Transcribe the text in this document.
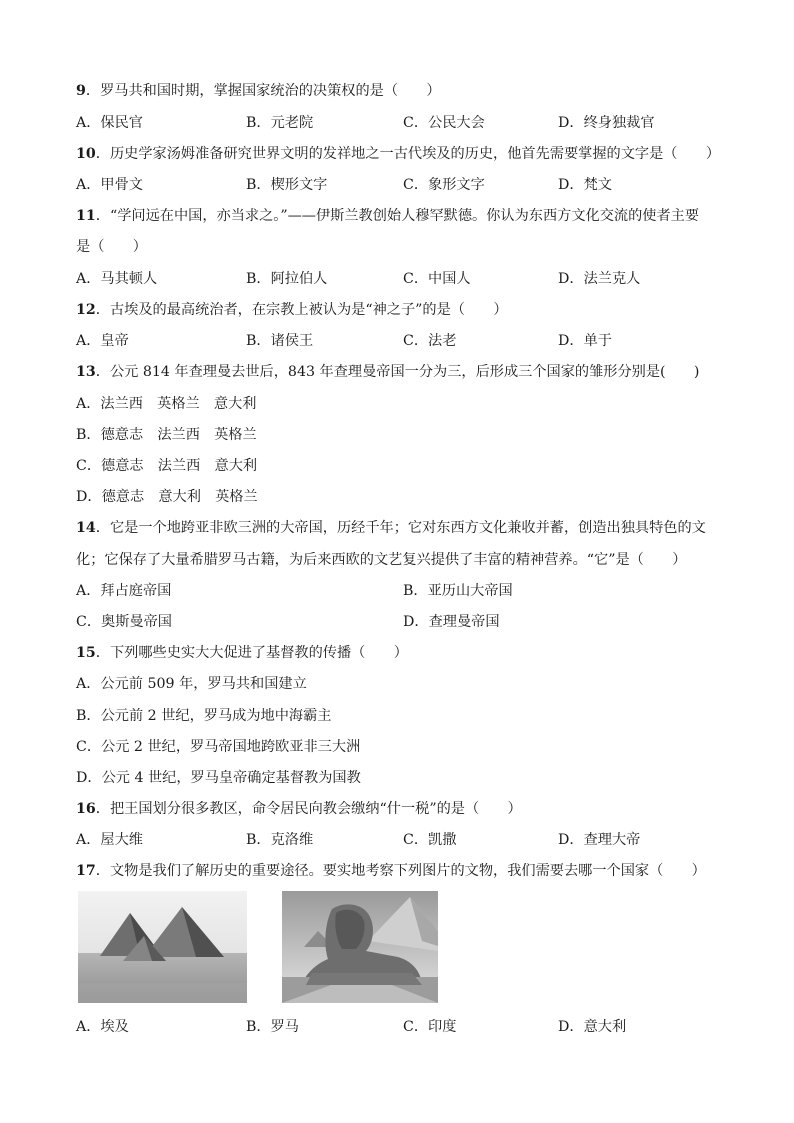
9．罗马共和国时期，掌握国家统治的决策权的是（　　）
A．保民官	B．元老院	C．公民大会	D．终身独裁官
10．历史学家汤姆准备研究世界文明的发祥地之一古代埃及的历史，他首先需要掌握的文字是（　　）
A．甲骨文	B．楔形文字	C．象形文字	D．梵文
11．“学问远在中国，亦当求之。”——伊斯兰教创始人穆罕默德。你认为东西方文化交流的使者主要
是（　　）
A．马其顿人	B．阿拉伯人	C．中国人	D．法兰克人
12．古埃及的最高统治者，在宗教上被认为是“神之子”的是（　　）
A．皇帝	B．诸侯王	C．法老	D．单于
13．公元 814 年查理曼去世后，843 年查理曼帝国一分为三，后形成三个国家的雏形分别是(　　)
A．法兰西　英格兰　意大利
B．德意志　法兰西　英格兰
C．德意志　法兰西　意大利
D．德意志　意大利　英格兰
14．它是一个地跨亚非欧三洲的大帝国，历经千年；它对东西方文化兼收并蓄，创造出独具特色的文
化；它保存了大量希腊罗马古籍，为后来西欧的文艺复兴提供了丰富的精神营养。“它”是（　　）
A．拜占庭帝国	B．亚历山大帝国
C．奥斯曼帝国	D．查理曼帝国
15．下列哪些史实大大促进了基督教的传播（　　）
A．公元前 509 年，罗马共和国建立
B．公元前 2 世纪，罗马成为地中海霸主
C．公元 2 世纪，罗马帝国地跨欧亚非三大洲
D．公元 4 世纪，罗马皇帝确定基督教为国教
16．把王国划分很多教区，命令居民向教会缴纳“什一税”的是（　　）
A．屋大维	B．克洛维	C．凯撒	D．查理大帝
17．文物是我们了解历史的重要途径。要实地考察下列图片的文物，我们需要去哪一个国家（　　）
A．埃及	B．罗马	C．印度	D．意大利
